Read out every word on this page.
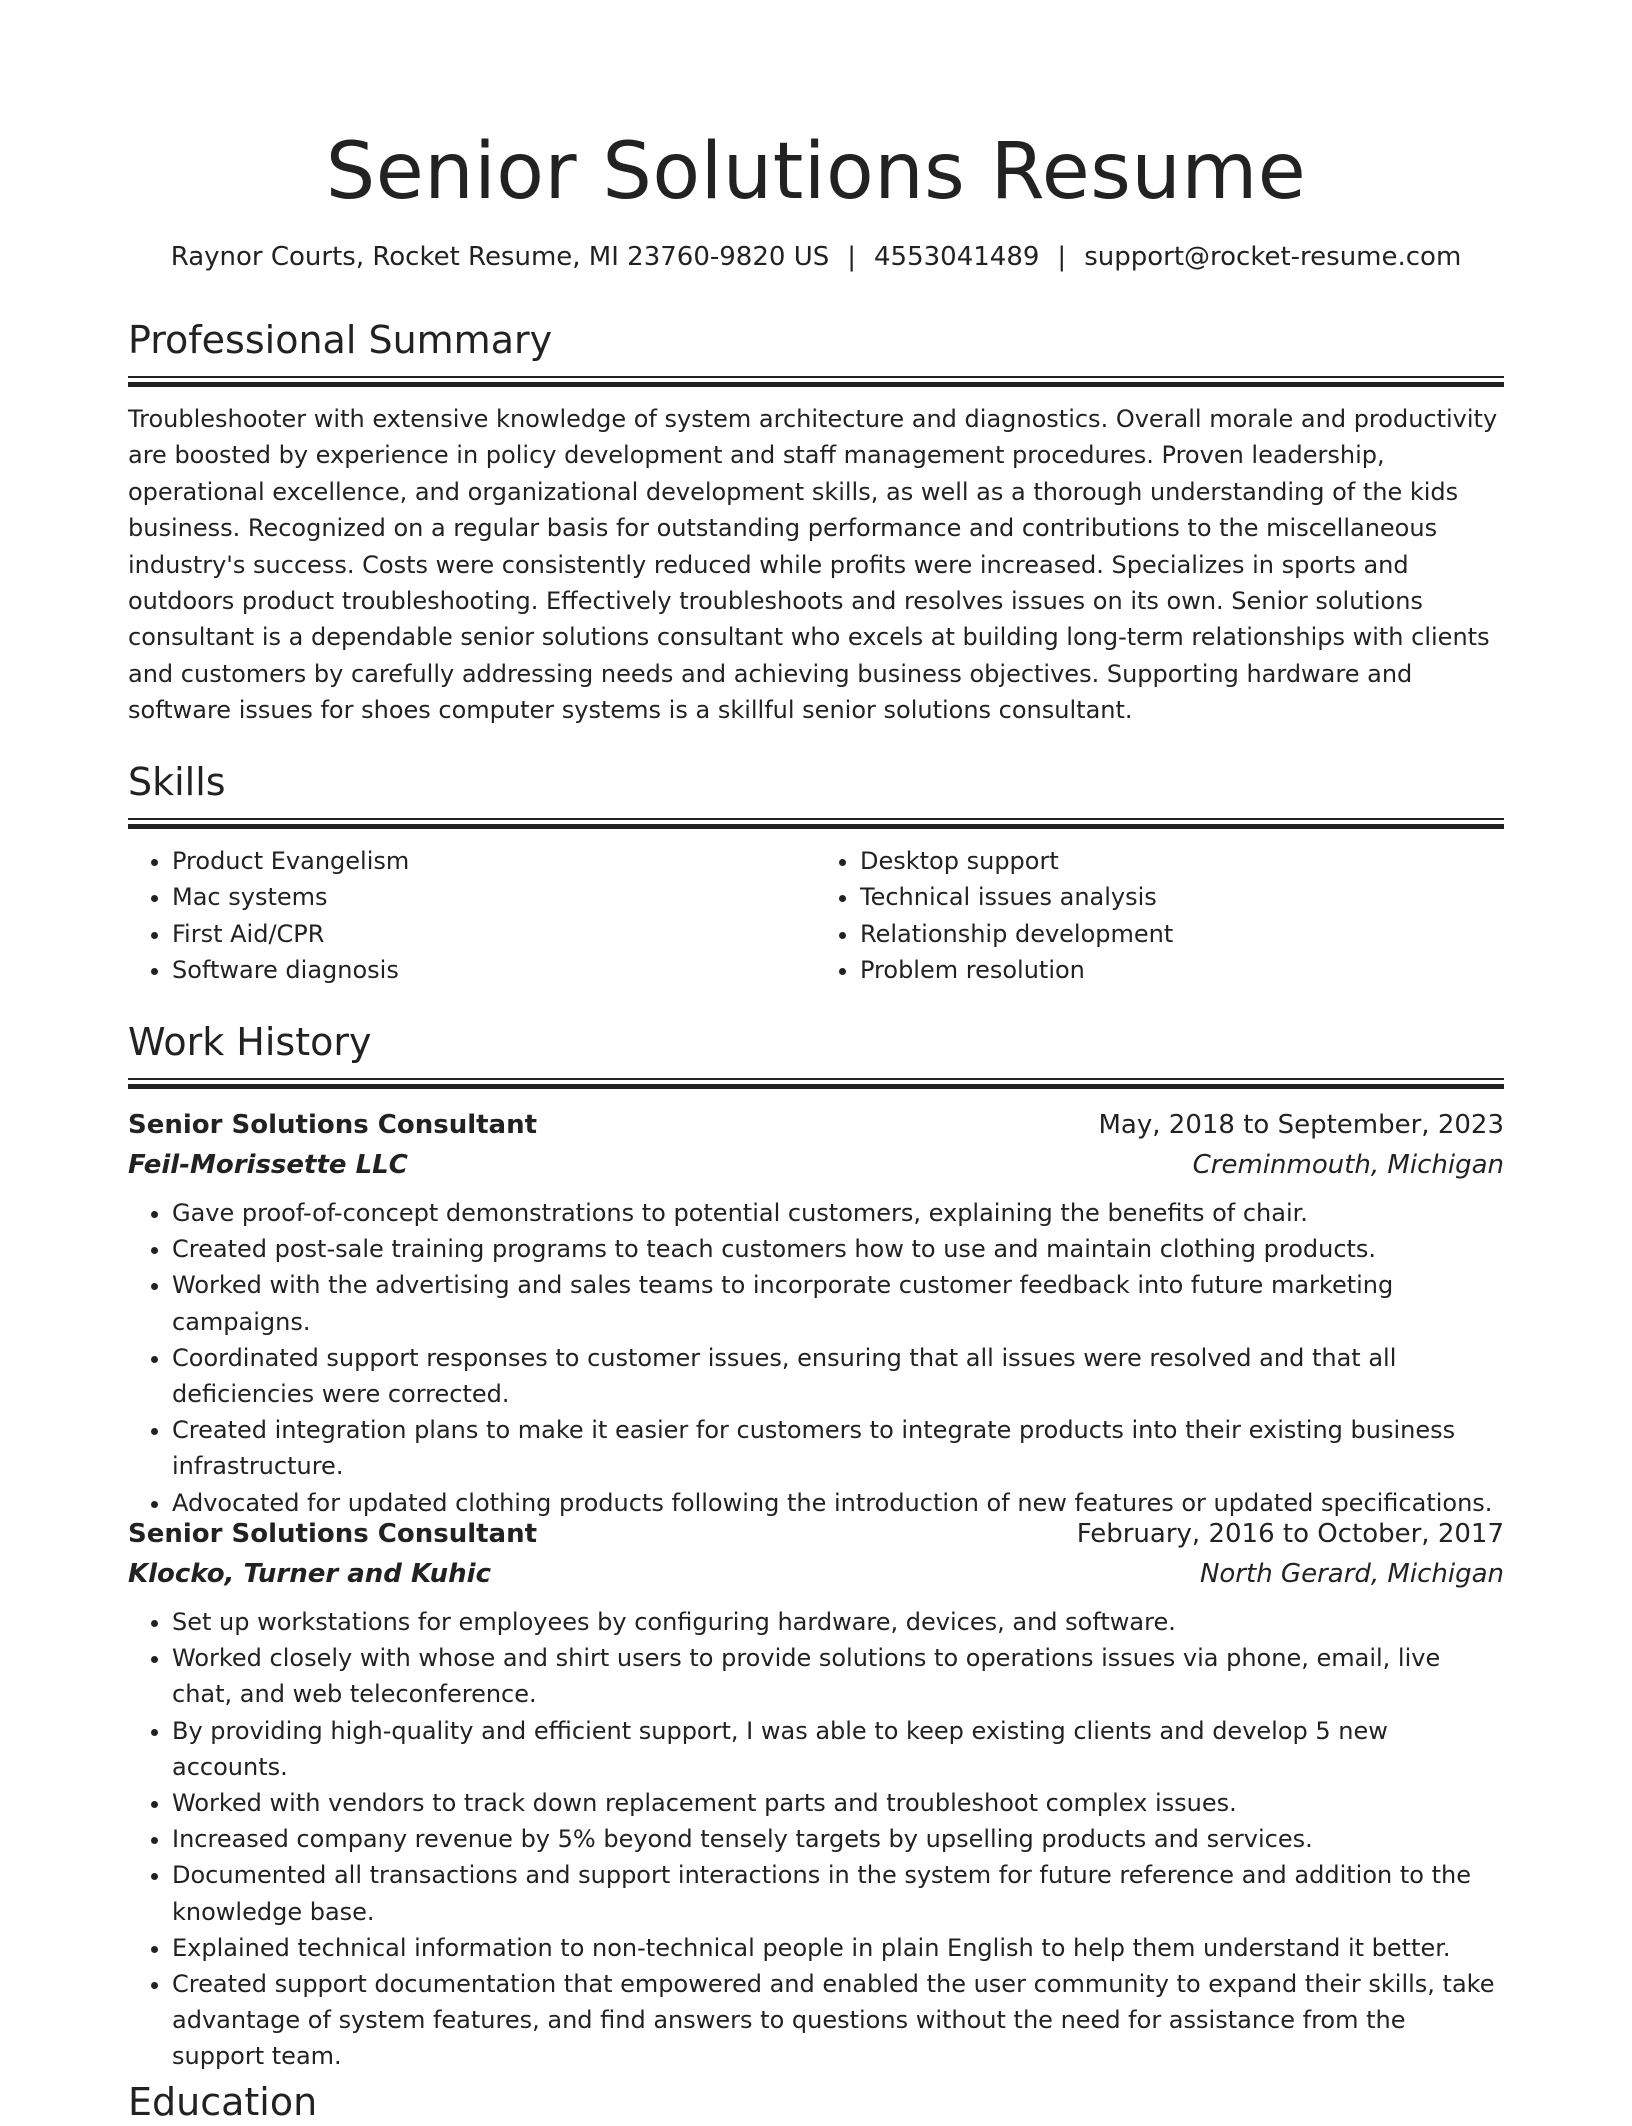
Senior Solutions Resume
Raynor Courts, Rocket Resume, MI 23760-9820 US | 4553041489 | support@rocket-resume.com
Professional Summary

Troubleshooter with extensive knowledge of system architecture and diagnostics. Overall morale and productivity are boosted by experience in policy development and staff management procedures. Proven leadership, operational excellence, and organizational development skills, as well as a thorough understanding of the kids business. Recognized on a regular basis for outstanding performance and contributions to the miscellaneous industry's success. Costs were consistently reduced while profits were increased. Specializes in sports and outdoors product troubleshooting. Effectively troubleshoots and resolves issues on its own. Senior solutions consultant is a dependable senior solutions consultant who excels at building long-term relationships with clients and customers by carefully addressing needs and achieving business objectives. Supporting hardware and software issues for shoes computer systems is a skillful senior solutions consultant.

Skills
• Product Evangelism
• Mac systems
• First Aid/CPR
• Software diagnosis
• Desktop support
• Technical issues analysis
• Relationship development
• Problem resolution
Work History
Senior Solutions Consultant	May, 2018 to September, 2023
Feil-Morissette LLC	Creminmouth, Michigan
• Gave proof-of-concept demonstrations to potential customers, explaining the benefits of chair.
• Created post-sale training programs to teach customers how to use and maintain clothing products.
• Worked with the advertising and sales teams to incorporate customer feedback into future marketing campaigns.
• Coordinated support responses to customer issues, ensuring that all issues were resolved and that all deficiencies were corrected.
• Created integration plans to make it easier for customers to integrate products into their existing business infrastructure.
• Advocated for updated clothing products following the introduction of new features or updated specifications.
Senior Solutions Consultant	February, 2016 to October, 2017
Klocko, Turner and Kuhic	North Gerard, Michigan
• Set up workstations for employees by configuring hardware, devices, and software.
• Worked closely with whose and shirt users to provide solutions to operations issues via phone, email, live chat, and web teleconference.
• By providing high-quality and efficient support, I was able to keep existing clients and develop 5 new accounts.
• Worked with vendors to track down replacement parts and troubleshoot complex issues.
• Increased company revenue by 5% beyond tensely targets by upselling products and services.
• Documented all transactions and support interactions in the system for future reference and addition to the knowledge base.
• Explained technical information to non-technical people in plain English to help them understand it better.
• Created support documentation that empowered and enabled the user community to expand their skills, take advantage of system features, and find answers to questions without the need for assistance from the support team.
Education
